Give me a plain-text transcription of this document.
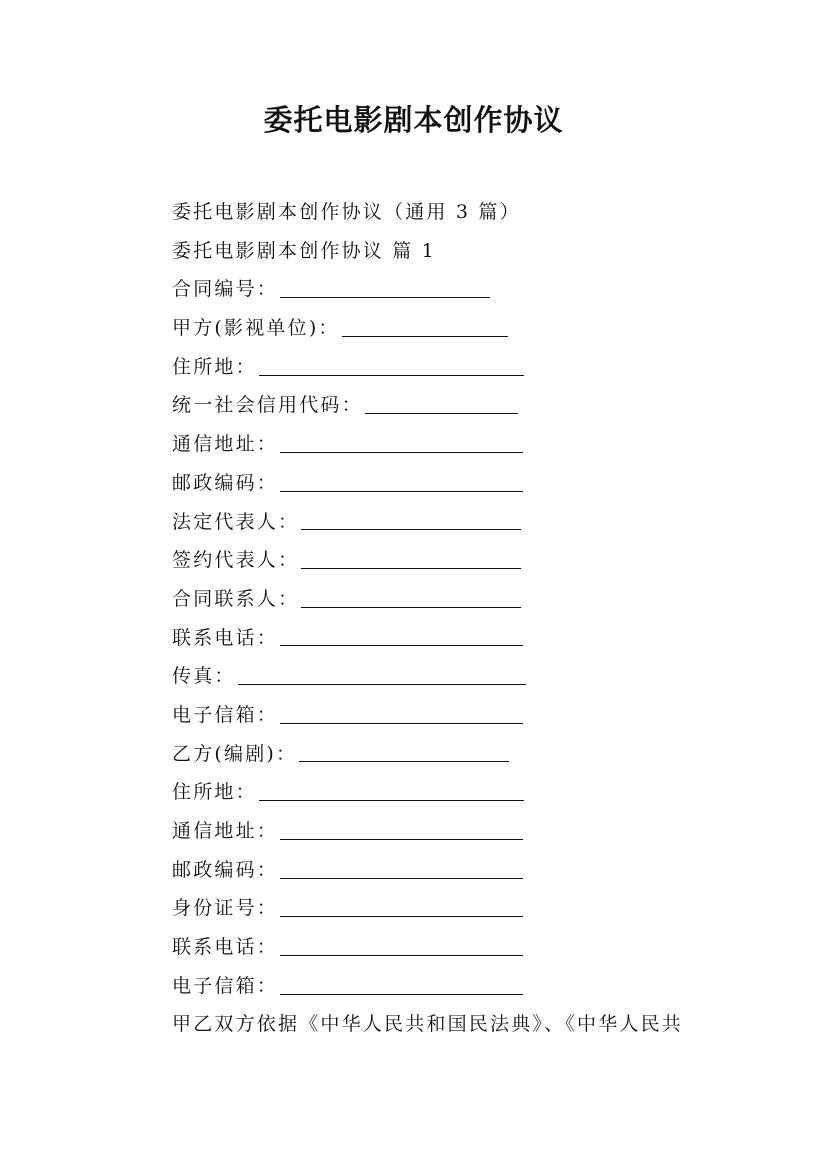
委托电影剧本创作协议
委托电影剧本创作协议（通用 3 篇）
委托电影剧本创作协议 篇 1
合同编号：
甲方(影视单位)：
住所地：
统一社会信用代码：
通信地址：
邮政编码：
法定代表人：
签约代表人：
合同联系人：
联系电话：
传真：
电子信箱：
乙方(编剧)：
住所地：
通信地址：
邮政编码：
身份证号：
联系电话：
电子信箱：
甲乙双方依据《中华人民共和国民法典》、《中华人民共
